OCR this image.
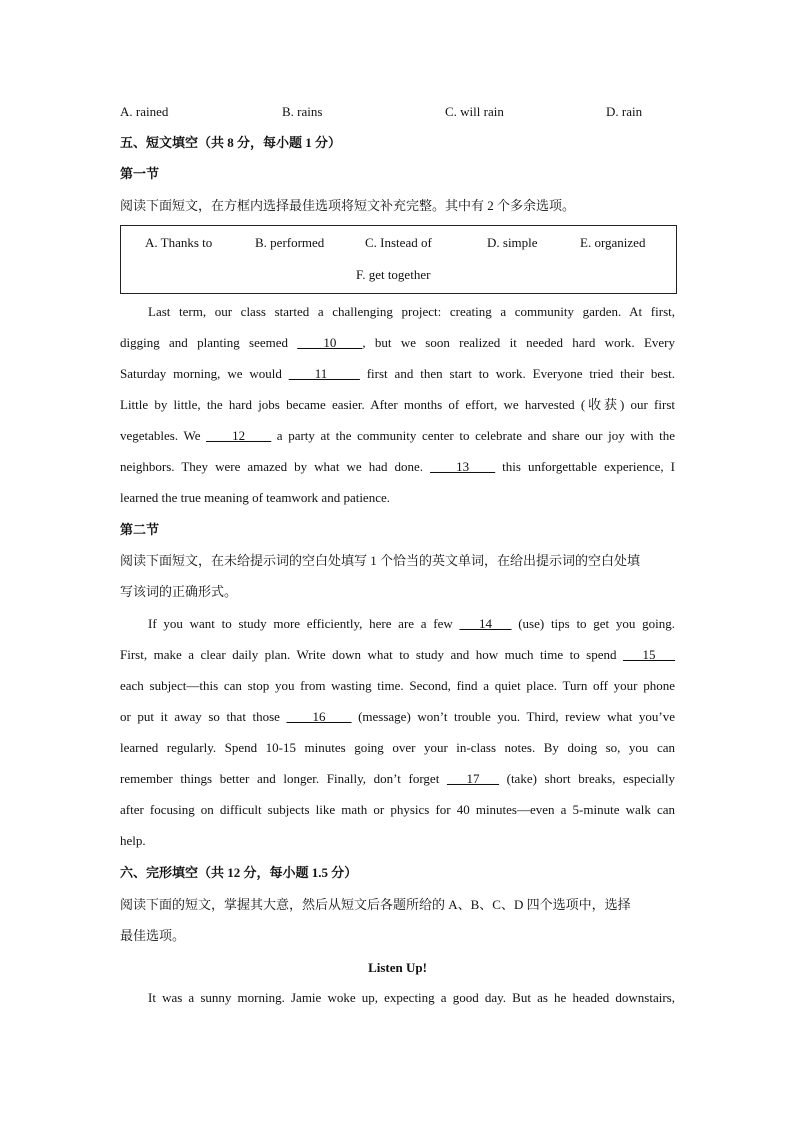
A. rained	B. rains	C. will rain	D. rain
五、短文填空（共 8 分，每小题 1 分）
第一节
阅读下面短文，在方框内选择最佳选项将短文补充完整。其中有 2 个多余选项。
A. Thanks to	B. performed	C. Instead of	D. simple	E. organized
F. get together
Last term, our class started a challenging project: creating a community garden. At first,
digging and planting seemed ____10____, but we soon realized it needed hard work. Every
Saturday morning, we would ____11_____ first and then start to work. Everyone tried their best.
Little by little, the hard jobs became easier. After months of effort, we harvested (收获) our first
vegetables. We ____12____ a party at the community center to celebrate and share our joy with the
neighbors. They were amazed by what we had done. ____13____ this unforgettable experience, I
learned the true meaning of teamwork and patience.
第二节
阅读下面短文，在未给提示词的空白处填写 1 个恰当的英文单词，在给出提示词的空白处填
写该词的正确形式。
If you want to study more efficiently, here are a few ___14___ (use) tips to get you going.
First, make a clear daily plan. Write down what to study and how much time to spend ___15___
each subject—this can stop you from wasting time. Second, find a quiet place. Turn off your phone
or put it away so that those ____16____ (message) won’t trouble you. Third, review what you’ve
learned regularly. Spend 10-15 minutes going over your in-class notes. By doing so, you can
remember things better and longer. Finally, don’t forget ___17___ (take) short breaks, especially
after focusing on difficult subjects like math or physics for 40 minutes—even a 5-minute walk can
help.
六、完形填空（共 12 分，每小题 1.5 分）
阅读下面的短文，掌握其大意，然后从短文后各题所给的 A、B、C、D 四个选项中，选择
最佳选项。
Listen Up!
It was a sunny morning. Jamie woke up, expecting a good day. But as he headed downstairs,
